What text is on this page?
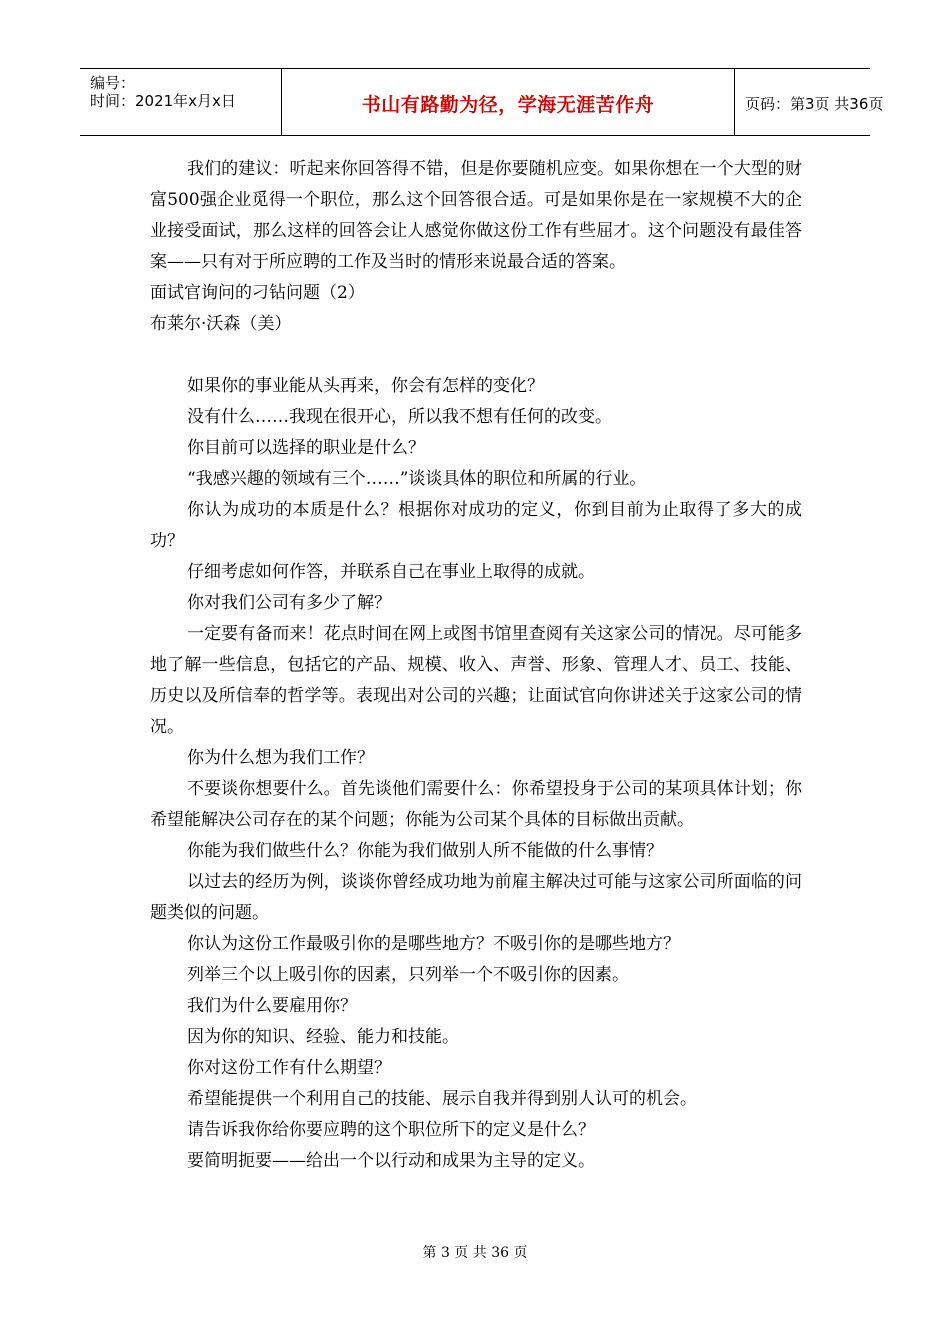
编号：
时间：2021年x月x日	书山有路勤为径，学海无涯苦作舟	页码：第3页 共36页

我们的建议：听起来你回答得不错，但是你要随机应变。如果你想在一个大型的财富500强企业觅得一个职位，那么这个回答很合适。可是如果你是在一家规模不大的企业接受面试，那么这样的回答会让人感觉你做这份工作有些屈才。这个问题没有最佳答案——只有对于所应聘的工作及当时的情形来说最合适的答案。

面试官询问的刁钻问题（2）

布莱尔·沃森（美）

如果你的事业能从头再来，你会有怎样的变化？

没有什么……我现在很开心，所以我不想有任何的改变。

你目前可以选择的职业是什么？

“我感兴趣的领域有三个……”谈谈具体的职位和所属的行业。

你认为成功的本质是什么？根据你对成功的定义，你到目前为止取得了多大的成功？

仔细考虑如何作答，并联系自己在事业上取得的成就。

你对我们公司有多少了解？

一定要有备而来！花点时间在网上或图书馆里查阅有关这家公司的情况。尽可能多地了解一些信息，包括它的产品、规模、收入、声誉、形象、管理人才、员工、技能、历史以及所信奉的哲学等。表现出对公司的兴趣；让面试官向你讲述关于这家公司的情况。

你为什么想为我们工作？

不要谈你想要什么。首先谈他们需要什么：你希望投身于公司的某项具体计划；你希望能解决公司存在的某个问题；你能为公司某个具体的目标做出贡献。

你能为我们做些什么？你能为我们做别人所不能做的什么事情？

以过去的经历为例，谈谈你曾经成功地为前雇主解决过可能与这家公司所面临的问题类似的问题。

你认为这份工作最吸引你的是哪些地方？不吸引你的是哪些地方？

列举三个以上吸引你的因素，只列举一个不吸引你的因素。

我们为什么要雇用你？

因为你的知识、经验、能力和技能。

你对这份工作有什么期望？

希望能提供一个利用自己的技能、展示自我并得到别人认可的机会。

请告诉我你给你要应聘的这个职位所下的定义是什么？

要简明扼要——给出一个以行动和成果为主导的定义。

第 3 页 共 36 页
